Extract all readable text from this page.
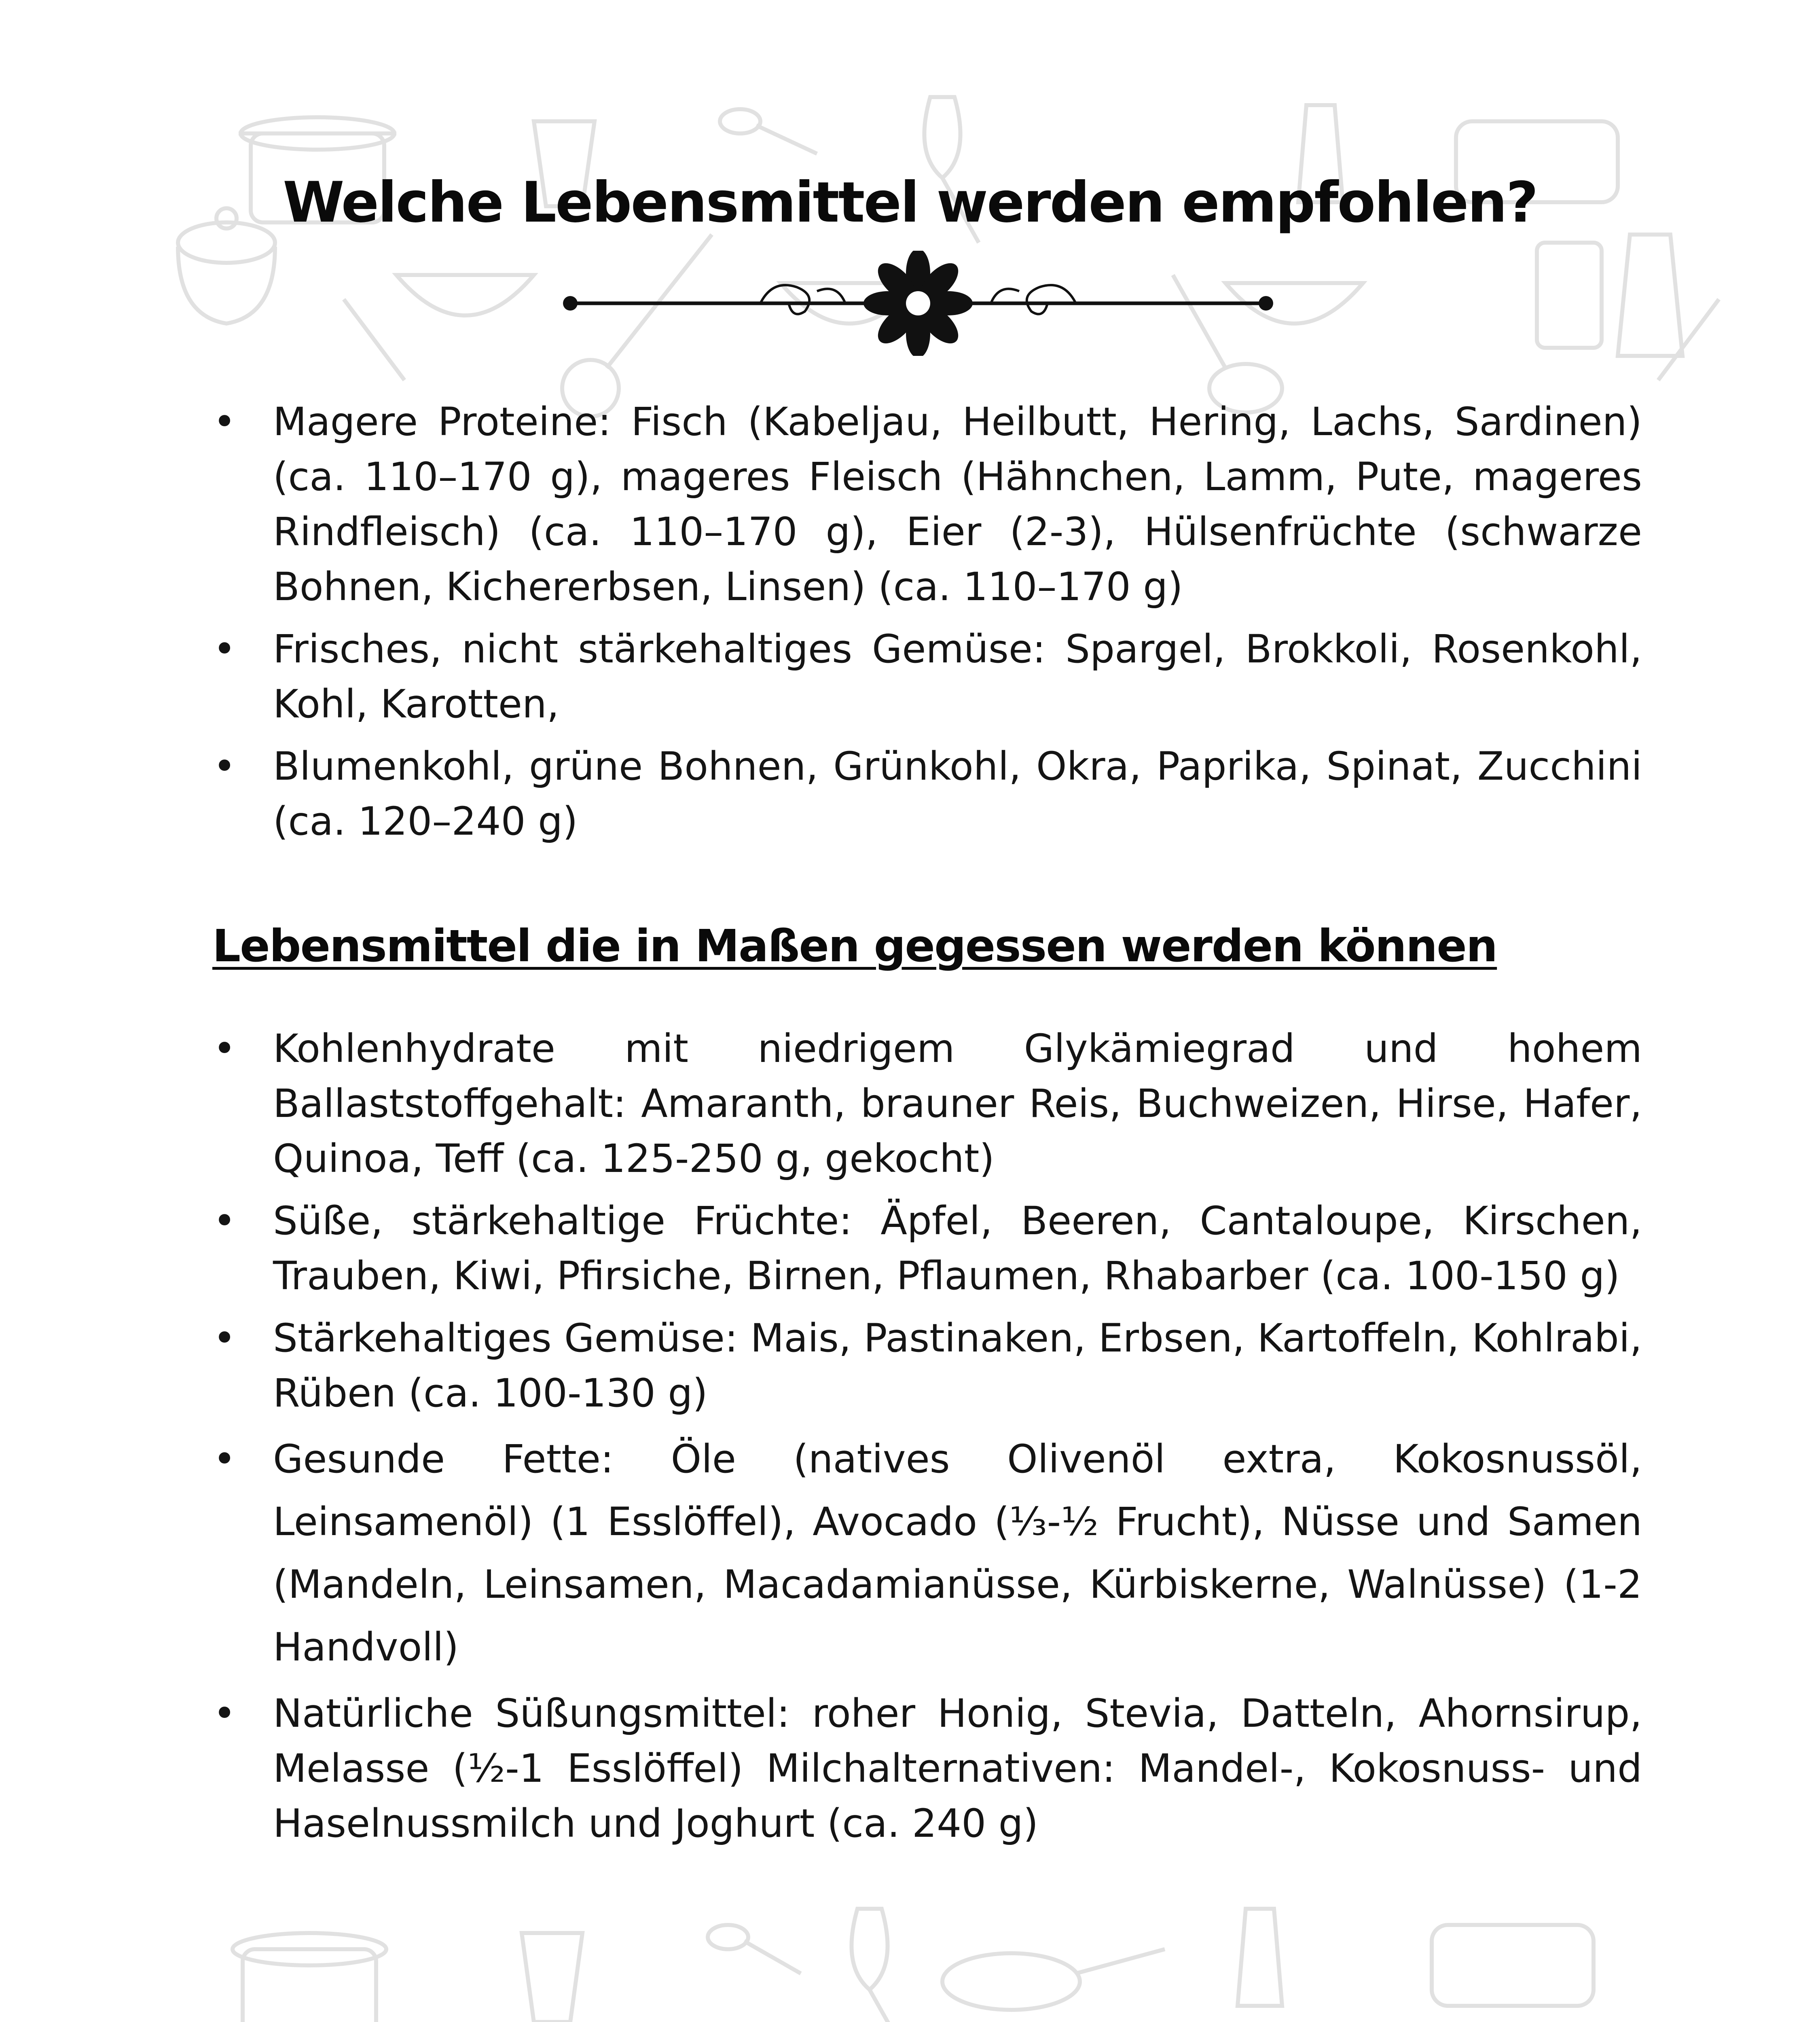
Welche Lebensmittel werden empfohlen?
• Magere Proteine: Fisch (Kabeljau, Heilbutt, Hering, Lachs, Sardinen) (ca. 110–170 g), mageres Fleisch (Hähnchen, Lamm, Pute, mageres Rindfleisch) (ca. 110–170 g), Eier (2-3), Hülsenfrüchte (schwarze Bohnen, Kichererbsen, Linsen) (ca. 110–170 g)
• Frisches, nicht stärkehaltiges Gemüse: Spargel, Brokkoli, Rosenkohl, Kohl, Karotten,
• Blumenkohl, grüne Bohnen, Grünkohl, Okra, Paprika, Spinat, Zucchini (ca. 120–240 g)
Lebensmittel die in Maßen gegessen werden können
• Kohlenhydrate mit niedrigem Glykämiegrad und hohem Ballaststoffgehalt: Amaranth, brauner Reis, Buchweizen, Hirse, Hafer, Quinoa, Teff (ca. 125-250 g, gekocht)
• Süße, stärkehaltige Früchte: Äpfel, Beeren, Cantaloupe, Kirschen, Trauben, Kiwi, Pfirsiche, Birnen, Pflaumen, Rhabarber (ca. 100-150 g)
• Stärkehaltiges Gemüse: Mais, Pastinaken, Erbsen, Kartoffeln, Kohlrabi, Rüben (ca. 100-130 g)
• Gesunde Fette: Öle (natives Olivenöl extra, Kokosnussöl, Leinsamenöl) (1 Esslöffel), Avocado (⅓-½ Frucht), Nüsse und Samen (Mandeln, Leinsamen, Macadamianüsse, Kürbiskerne, Walnüsse) (1-2 Handvoll)
• Natürliche Süßungsmittel: roher Honig, Stevia, Datteln, Ahornsirup, Melasse (½-1 Esslöffel) Milchalternativen: Mandel-, Kokosnuss- und Haselnussmilch und Joghurt (ca. 240 g)
